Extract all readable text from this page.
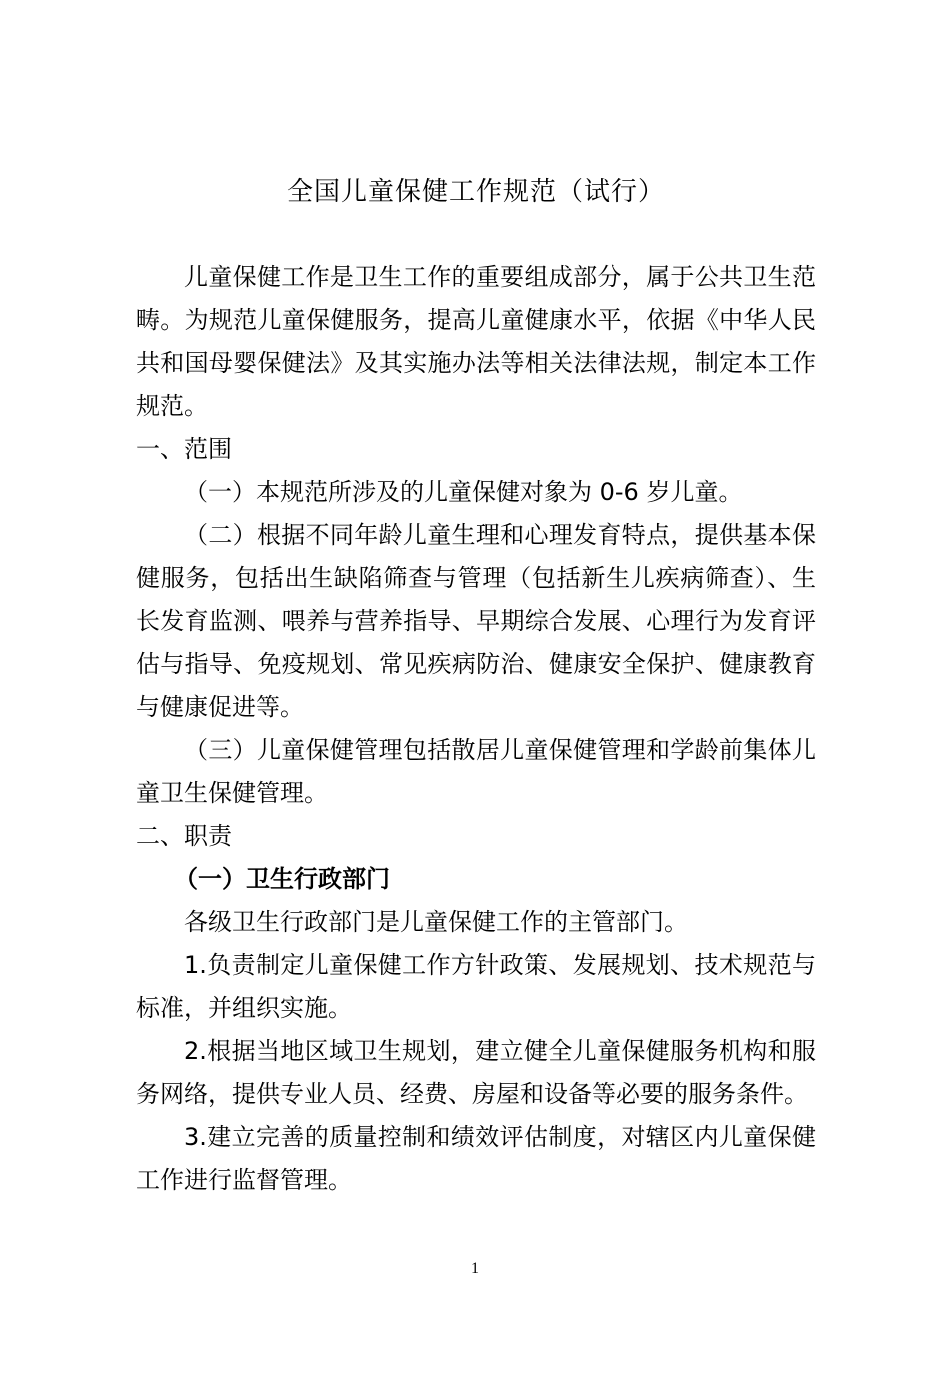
全国儿童保健工作规范（试行）

儿童保健工作是卫生工作的重要组成部分，属于公共卫生范畴。为规范儿童保健服务，提高儿童健康水平，依据《中华人民共和国母婴保健法》及其实施办法等相关法律法规，制定本工作规范。

一、范围

（一）本规范所涉及的儿童保健对象为 0-6 岁儿童。

（二）根据不同年龄儿童生理和心理发育特点，提供基本保健服务，包括出生缺陷筛查与管理（包括新生儿疾病筛查）、生长发育监测、喂养与营养指导、早期综合发展、心理行为发育评估与指导、免疫规划、常见疾病防治、健康安全保护、健康教育与健康促进等。

（三）儿童保健管理包括散居儿童保健管理和学龄前集体儿童卫生保健管理。

二、职责

（一）卫生行政部门

各级卫生行政部门是儿童保健工作的主管部门。

1.负责制定儿童保健工作方针政策、发展规划、技术规范与标准，并组织实施。

2.根据当地区域卫生规划，建立健全儿童保健服务机构和服务网络，提供专业人员、经费、房屋和设备等必要的服务条件。

3.建立完善的质量控制和绩效评估制度，对辖区内儿童保健工作进行监督管理。

1
